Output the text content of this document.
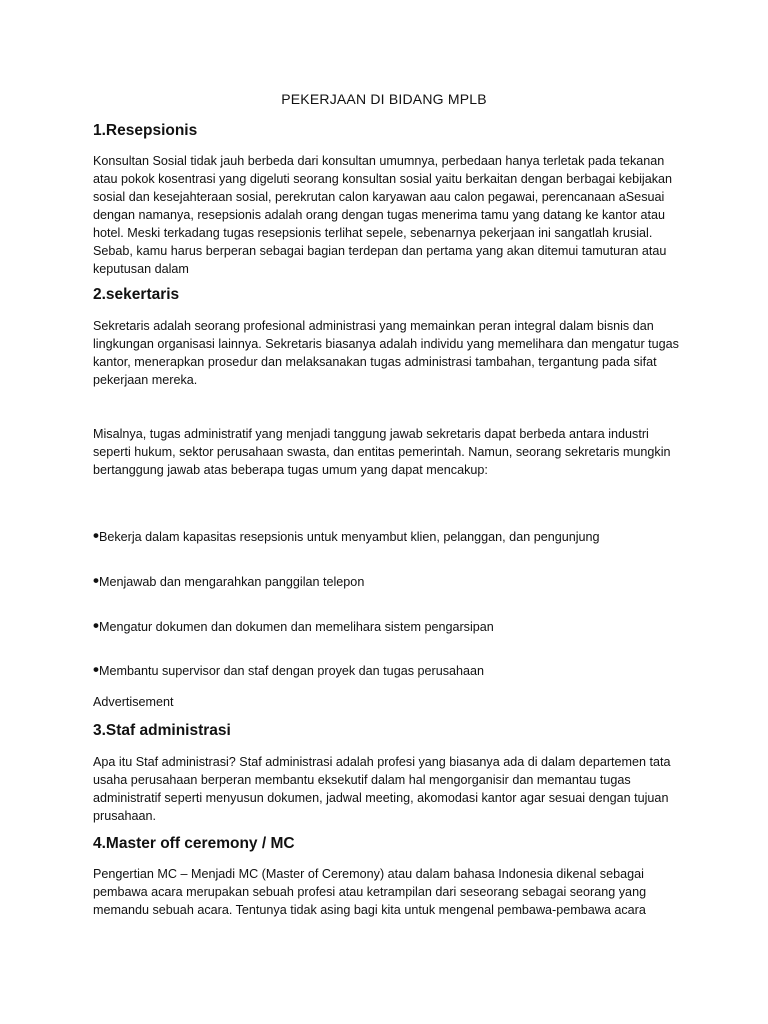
PEKERJAAN DI BIDANG MPLB
1.Resepsionis

Konsultan Sosial tidak jauh berbeda dari konsultan umumnya, perbedaan hanya terletak pada tekanan atau pokok kosentrasi yang digeluti seorang konsultan sosial yaitu berkaitan dengan berbagai kebijakan sosial dan kesejahteraan sosial, perekrutan calon karyawan aau calon pegawai, perencanaan aSesuai dengan namanya, resepsionis adalah orang dengan tugas menerima tamu yang datang ke kantor atau hotel. Meski terkadang tugas resepsionis terlihat sepele, sebenarnya pekerjaan ini sangatlah krusial. Sebab, kamu harus berperan sebagai bagian terdepan dan pertama yang akan ditemui tamuturan atau keputusan dalam

2.sekertaris

Sekretaris adalah seorang profesional administrasi yang memainkan peran integral dalam bisnis dan lingkungan organisasi lainnya. Sekretaris biasanya adalah individu yang memelihara dan mengatur tugas kantor, menerapkan prosedur dan melaksanakan tugas administrasi tambahan, tergantung pada sifat pekerjaan mereka.

Misalnya, tugas administratif yang menjadi tanggung jawab sekretaris dapat berbeda antara industri seperti hukum, sektor perusahaan swasta, dan entitas pemerintah. Namun, seorang sekretaris mungkin bertanggung jawab atas beberapa tugas umum yang dapat mencakup:

•Bekerja dalam kapasitas resepsionis untuk menyambut klien, pelanggan, dan pengunjung
•Menjawab dan mengarahkan panggilan telepon
•Mengatur dokumen dan dokumen dan memelihara sistem pengarsipan
•Membantu supervisor dan staf dengan proyek dan tugas perusahaan

Advertisement

3.Staf administrasi

Apa itu Staf administrasi? Staf administrasi adalah profesi yang biasanya ada di dalam departemen tata usaha perusahaan berperan membantu eksekutif dalam hal mengorganisir dan memantau tugas administratif seperti menyusun dokumen, jadwal meeting, akomodasi kantor agar sesuai dengan tujuan prusahaan.

4.Master off ceremony / MC

Pengertian MC – Menjadi MC (Master of Ceremony) atau dalam bahasa Indonesia dikenal sebagai pembawa acara merupakan sebuah profesi atau ketrampilan dari seseorang sebagai seorang yang memandu sebuah acara. Tentunya tidak asing bagi kita untuk mengenal pembawa-pembawa acara
